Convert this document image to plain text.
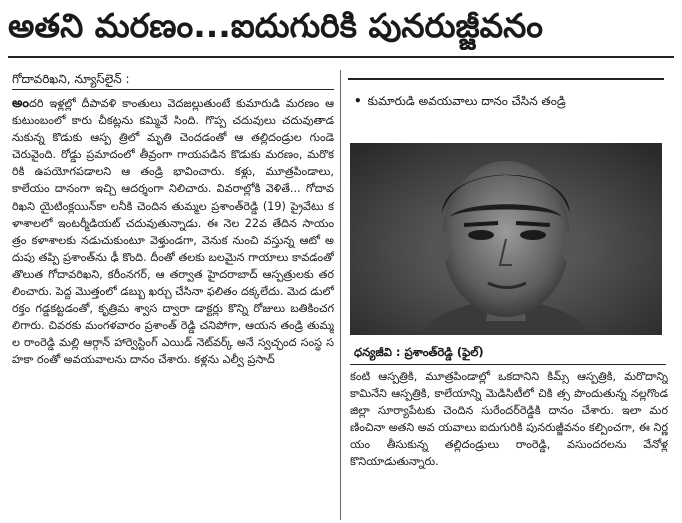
అతని మరణం...ఐదుగురికి పునరుజ్జీవనం
గోదావరిఖని, న్యూస్‌లైన్ :
అందరి ఇళ్లల్లో దీపావళి కాంతులు వెదజల్లుతుంటే కుమారుడి మరణం ఆ కుటుంబంలో కారు చీకట్లను కమ్మివే సింది. గొప్ప చదువులు చదువుతాడనుకున్న కొడుకు ఆస్ప త్రిలో మృతి చెందడంతో ఆ తల్లిదండ్రుల గుండె చెరువైంది. రోడ్డు ప్రమాదంలో తీవ్రంగా గాయపడిన కొడుకు మరణం, మరొకరికి ఉపయోగపడాలని ఆ తండ్రి భావించారు. కళ్లు, మూత్రపిండాలు, కాలేయం దానంగా ఇచ్చి ఆదర్శంగా నిలిచారు. వివరాల్లోకి వెళితే... గోదావరిఖని యైటింక్లయిన్‌కా లనీకి చెందిన తుమ్మల ప్రశాంత్‌రెడ్డి (19) ప్రైవేటు కళాశాలలో ఇంటర్మీడియట్ చదువుతున్నాడు. ఈ నెల 22వ తేదిన సాయం త్రం కళాశాలకు నడుచుకుంటూ వెళ్తుండగా, వెనుక నుంచి వస్తున్న ఆటో అదుపు తప్పి ప్రశాంత్‌ను ఢీ కొంది. దీంతో తలకు బలమైన గాయాలు కావడంతో తొలుత గోదావరిఖని, కరీంనగర్, ఆ తర్వాత హైదరాబాద్ ఆస్పత్రులకు తరలించారు. పెద్ద మొత్తంలో డబ్బు ఖర్చు చేసినా ఫలితం దక్కలేదు. మెద డులో రక్తం గడ్డకట్టడంతో, కృత్రిమ శ్వాస ద్వారా డాక్టర్లు కొన్ని రోజులు బతికించగలిగారు. చివరకు మంగళవారం ప్రశాంత్ రెడ్డి చనిపోగా, ఆయన తండ్రి తుమ్మల రాంరెడ్డి మల్లి ఆర్గాన్ హార్వెస్టింగ్ ఎయిడ్ నెట్‌వర్క్ అనే స్వచ్ఛంద సంస్థ సహకా రంతో అవయవాలను దానం చేశారు. కళ్లను ఎల్వీ ప్రసాద్
• కుమారుడి అవయవాలు దానం చేసిన తండ్రి
ధన్యజీవి : ప్రశాంత్‌రెడ్డి (ఫైల్)
కంటి ఆస్పత్రికి, మూత్రపిండాల్లో ఒకదానిని కిమ్స్ ఆస్పత్రికి, మరొదాన్ని కామినేని ఆస్పత్రికి, కాలేయాన్ని మెడిసిటీలో చికి త్స పొందుతున్న నల్లగొండ జిల్లా సూర్యాపేటకు చెందిన సురేందర్‌రెడ్డికి దానం చేశారు. ఇలా మరణించినా అతని అవ యవాలు ఐదుగురికి పునరుజ్జీవనం కల్పించగా, ఈ నిర్ణయం తీసుకున్న తల్లిదండ్రులు రాంరెడ్డి, వసుందరలను వేనోళ్ల కొనియాడుతున్నారు.
